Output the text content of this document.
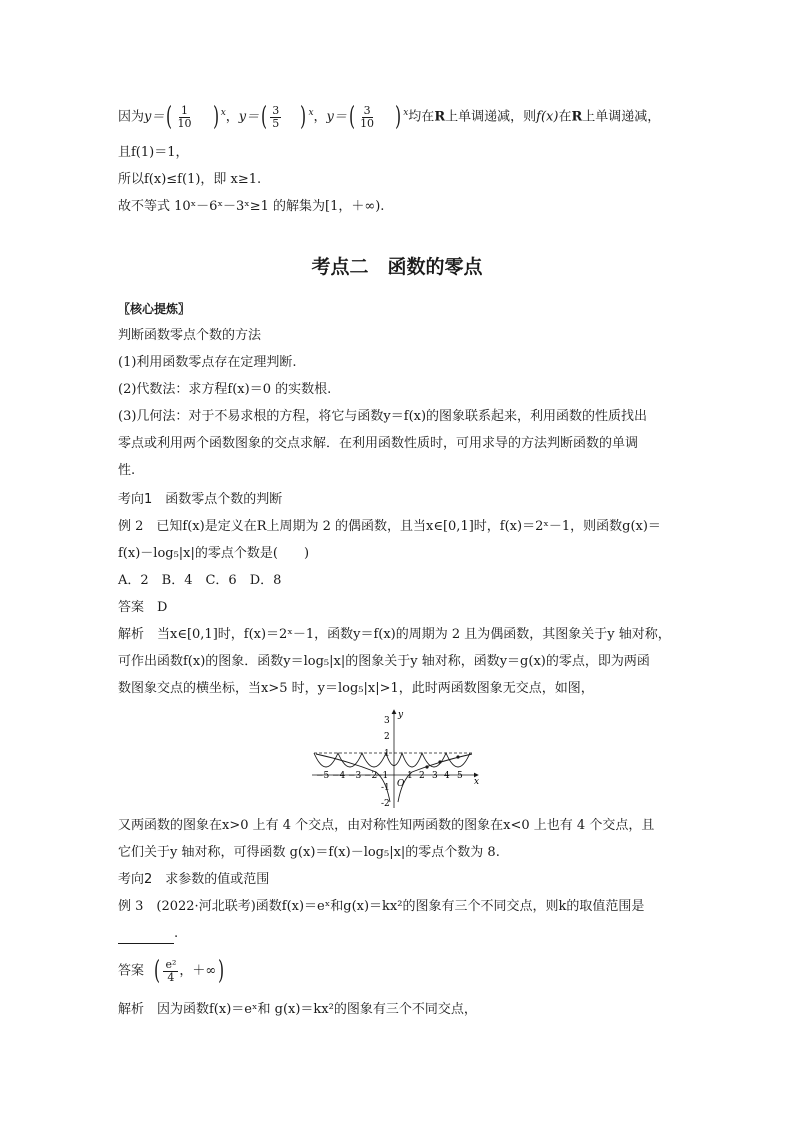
因为$y=( \frac{1}{10}$ ) $^x$，$y=( \frac{3}{5}$ ) $^x$，$y=( \frac{3}{10}$ ) $^x$均在R上单调递减，则f(x)在R上单调递减，
且f(1)＝1，
所以f(x)≤f(1)，即 x≥1.
故不等式 10ˣ－6ˣ－3ˣ≥1 的解集为[1，＋∞).
考点二　函数的零点
〖核心提炼〗
判断函数零点个数的方法
(1)利用函数零点存在定理判断.
(2)代数法：求方程f(x)＝0 的实数根.
(3)几何法：对于不易求根的方程，将它与函数y＝f(x)的图象联系起来，利用函数的性质找出
零点或利用两个函数图象的交点求解．在利用函数性质时，可用求导的方法判断函数的单调
性.
考向1　函数零点个数的判断
例 2　已知f(x)是定义在R上周期为 2 的偶函数，且当x∈[0,1]时，f(x)＝2ˣ－1，则函数g(x)＝
f(x)－log₅|x|的零点个数是(　　)
A．2　B．4　C．6　D．8
答案　D
解析　当x∈[0,1]时，f(x)＝2ˣ－1，函数y＝f(x)的周期为 2 且为偶函数，其图象关于y 轴对称，
可作出函数f(x)的图象．函数y＝log₅|x|的图象关于y 轴对称，函数y＝g(x)的零点，即为两函
数图象交点的横坐标，当x>5 时，y＝log₅|x|>1，此时两函数图象无交点，如图，
y
x
O
3
2
1
-1
-2
−5 −4 −3 −2
−1 1 2 3 4 5
又两函数的图象在x>0 上有 4 个交点，由对称性知两函数的图象在x<0 上也有 4 个交点，且
它们关于y 轴对称，可得函数 g(x)＝f(x)－log₅|x|的零点个数为 8.
考向2　求参数的值或范围
例 3　(2022·河北联考)函数f(x)＝eˣ和g(x)＝kx²的图象有三个不同交点，则k的取值范围是
.
答案 ( $\frac{\text{e²}}{4}$ ，＋∞)
解析　因为函数f(x)＝eˣ和 g(x)＝kx²的图象有三个不同交点，
